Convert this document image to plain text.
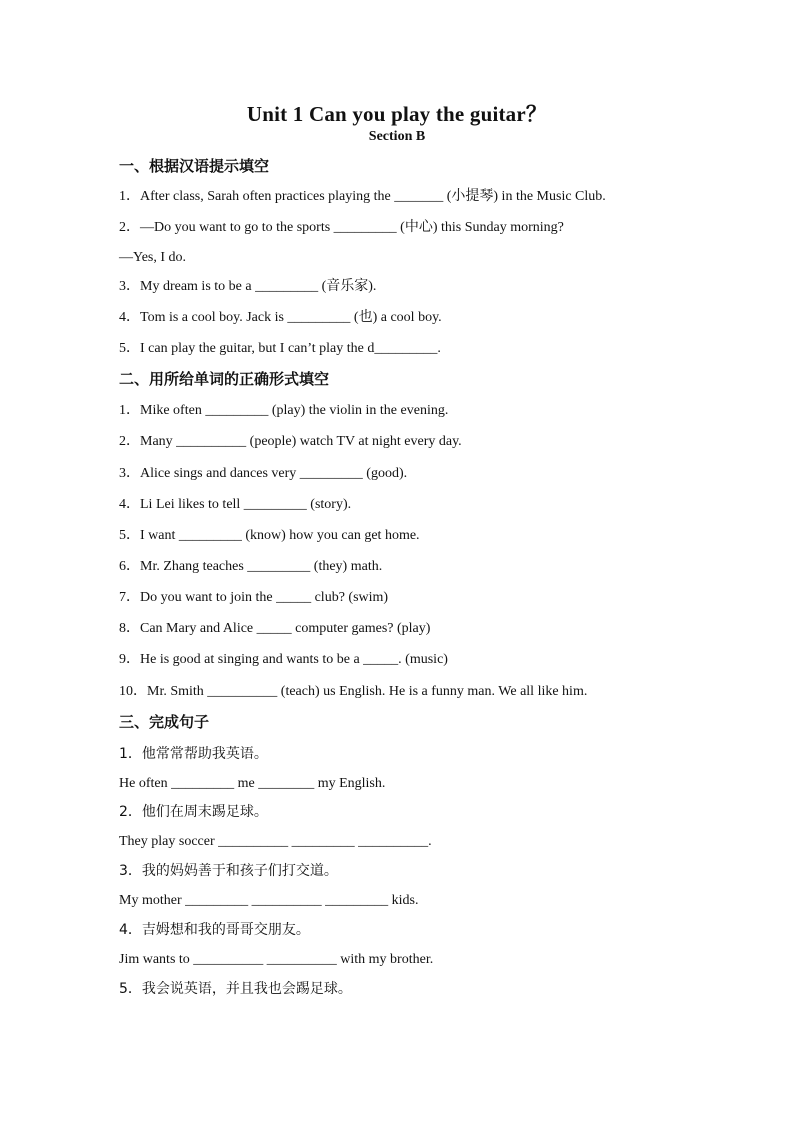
Unit 1 Can you play the guitar？
Section B
一、根据汉语提示填空
1．After class, Sarah often practices playing the _______ (小提琴) in the Music Club.
2．—Do you want to go to the sports _________ (中心) this Sunday morning?
—Yes, I do.
3．My dream is to be a _________ (音乐家).
4．Tom is a cool boy. Jack is _________ (也) a cool boy.
5．I can play the guitar, but I can’t play the d_________.
二、用所给单词的正确形式填空
1．Mike often _________ (play) the violin in the evening.
2．Many __________ (people) watch TV at night every day.
3．Alice sings and dances very _________ (good).
4．Li Lei likes to tell _________ (story).
5．I want _________ (know) how you can get home.
6．Mr. Zhang teaches _________ (they) math.
7．Do you want to join the _____ club? (swim)
8．Can Mary and Alice _____ computer games? (play)
9．He is good at singing and wants to be a _____. (music)
10．Mr. Smith __________ (teach) us English. He is a funny man. We all like him.
三、完成句子
1．他常常帮助我英语。
He often _________ me ________ my English.
2．他们在周末踢足球。
They play soccer __________ _________ __________.
3．我的妈妈善于和孩子们打交道。
My mother _________ __________ _________ kids.
4．吉姆想和我的哥哥交朋友。
Jim wants to __________ __________ with my brother.
5．我会说英语，并且我也会踢足球。
